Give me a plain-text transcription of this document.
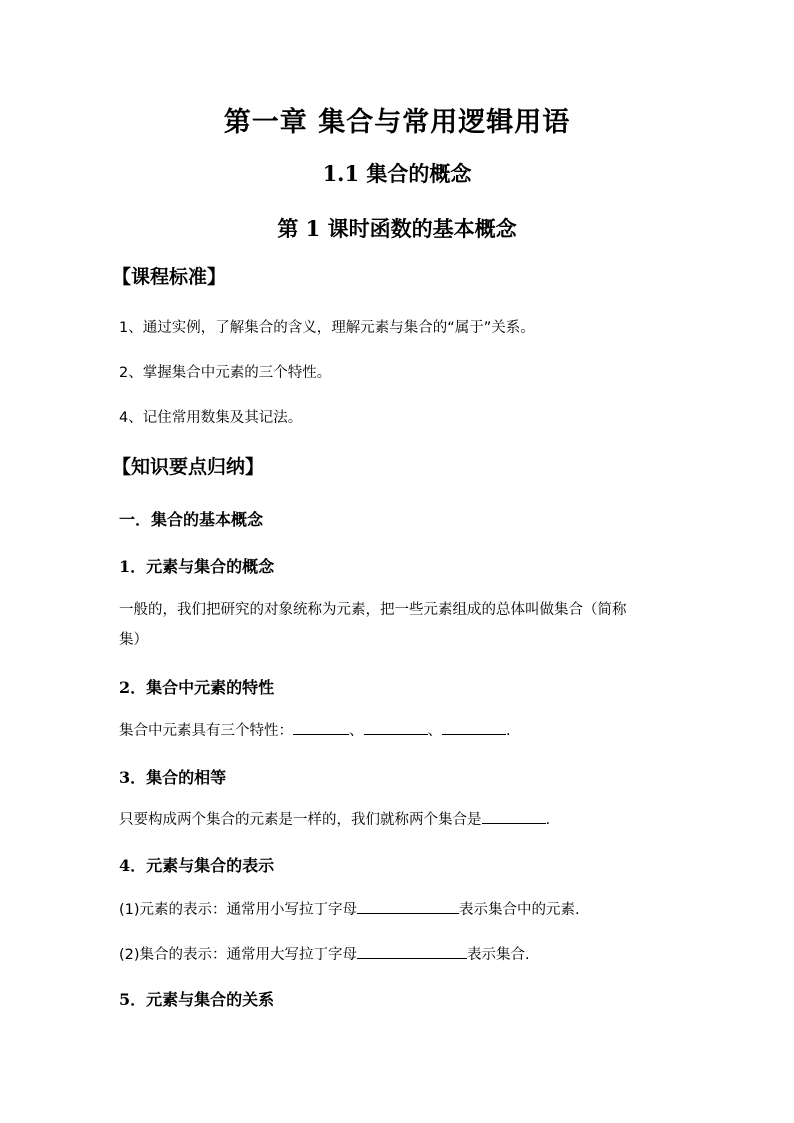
第一章 集合与常用逻辑用语
1.1 集合的概念
第 1 课时函数的基本概念
【课程标准】
1、通过实例，了解集合的含义，理解元素与集合的“属于”关系。
2、掌握集合中元素的三个特性。
4、记住常用数集及其记法。
【知识要点归纳】
一．集合的基本概念
1．元素与集合的概念
一般的，我们把研究的对象统称为元素，把一些元素组成的总体叫做集合（简称
集）
2．集合中元素的特性
集合中元素具有三个特性：	、	、	.
3．集合的相等
只要构成两个集合的元素是一样的，我们就称两个集合是	.
4．元素与集合的表示
(1)元素的表示：通常用小写拉丁字母	表示集合中的元素.
(2)集合的表示：通常用大写拉丁字母	表示集合.
5．元素与集合的关系
